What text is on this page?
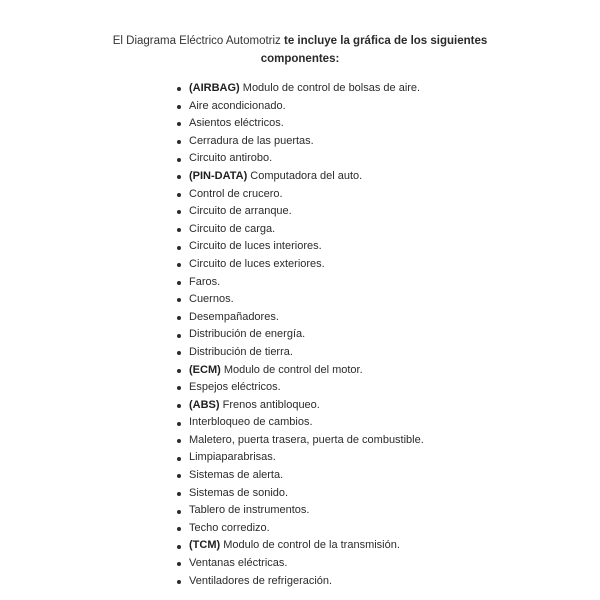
El Diagrama Eléctrico Automotriz te incluye la gráfica de los siguientes
componentes:
(AIRBAG) Modulo de control de bolsas de aire.
Aire acondicionado.
Asientos eléctricos.
Cerradura de las puertas.
Circuito antirobo.
(PIN-DATA) Computadora del auto.
Control de crucero.
Circuito de arranque.
Circuito de carga.
Circuito de luces interiores.
Circuito de luces exteriores.
Faros.
Cuernos.
Desempañadores.
Distribución de energía.
Distribución de tierra.
(ECM) Modulo de control del motor.
Espejos eléctricos.
(ABS) Frenos antibloqueo.
Interbloqueo de cambios.
Maletero, puerta trasera, puerta de combustible.
Limpiaparabrisas.
Sistemas de alerta.
Sistemas de sonido.
Tablero de instrumentos.
Techo corredizo.
(TCM) Modulo de control de la transmisión.
Ventanas eléctricas.
Ventiladores de refrigeración.
